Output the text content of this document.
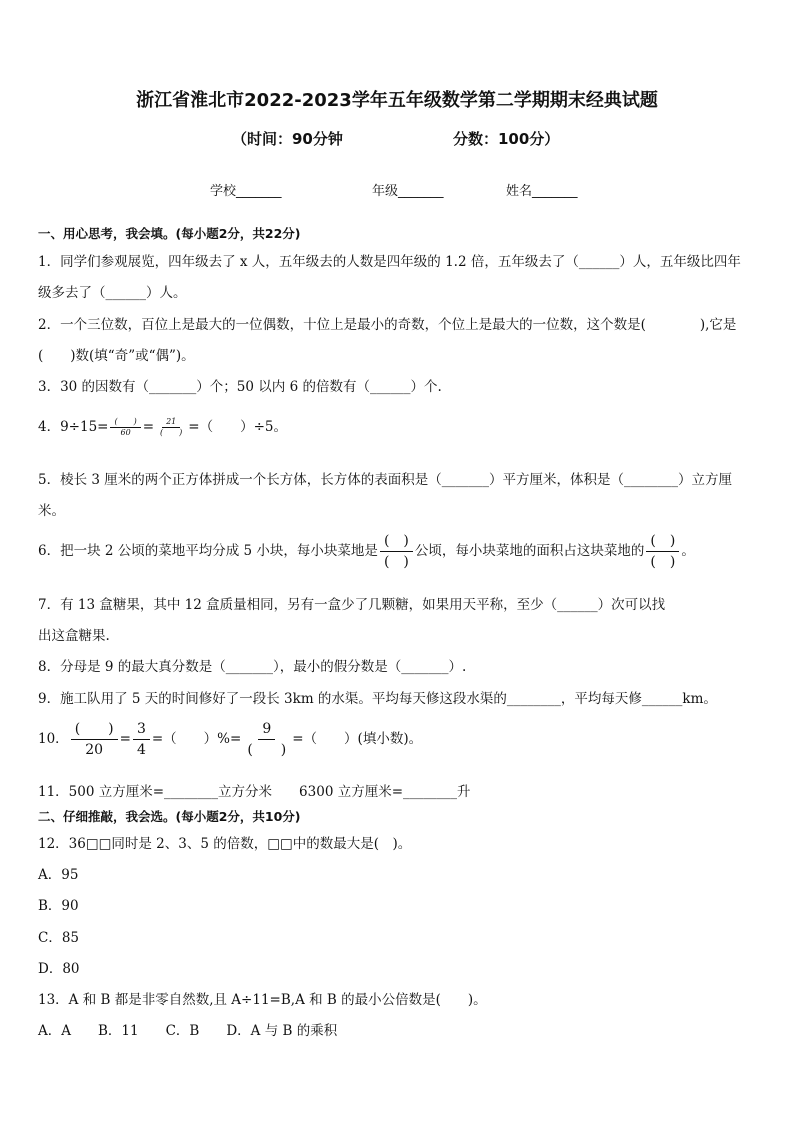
浙江省淮北市2022-2023学年五年级数学第二学期期末经典试题
（时间：90分钟	分数：100分）
学校_______	年级_______	姓名_______
一、用心思考，我会填。(每小题2分，共22分)
1．同学们参观展览，四年级去了 x 人，五年级去的人数是四年级的 1.2 倍，五年级去了（______）人，五年级比四年
级多去了（______）人。
2．一个三位数，百位上是最大的一位偶数，十位上是最小的奇数，个位上是最大的一位数，这个数是(　　　　),它是
(　　)数(填“奇”或“偶”)。
3．30 的因数有（_______）个；50 以内 6 的倍数有（______）个.
4．$9\div 15= \frac{( )}{60} = \frac{21}{( )}$ =（　　）÷5。
5．棱长 3 厘米的两个正方体拼成一个长方体，长方体的表面积是（_______）平方厘米，体积是（________）立方厘
米。
6．把一块 2 公顷的菜地平均分成 5 小块，每小块菜地是 $\frac{( )}{( )}$ 公顷，每小块菜地的面积占这块菜地的 $\frac{( )}{( )}$ 。
7．有 13 盒糖果，其中 12 盒质量相同，另有一盒少了几颗糖，如果用天平称，至少（______）次可以找
出这盒糖果.
8．分母是 9 的最大真分数是（_______），最小的假分数是（_______）.
9．施工队用了 5 天的时间修好了一段长 3km 的水渠。平均每天修这段水渠的________，平均每天修______km。
10． $\frac{( )}{20} = \frac{3}{4}$ =（　　）%= $\frac{9}{( )}$ =（　　）(填小数)。
11．500 立方厘米=________立方分米　　6300 立方厘米=________升
二、仔细推敲，我会选。(每小题2分，共10分)
12．36□□同时是 2、3、5 的倍数，□□中的数最大是(　)。
A．95
B．90
C．85
D．80
13．A 和 B 都是非零自然数,且 A÷11=B,A 和 B 的最小公倍数是(　　)。
A．A　　B．11　　C．B　　D．A 与 B 的乘积
